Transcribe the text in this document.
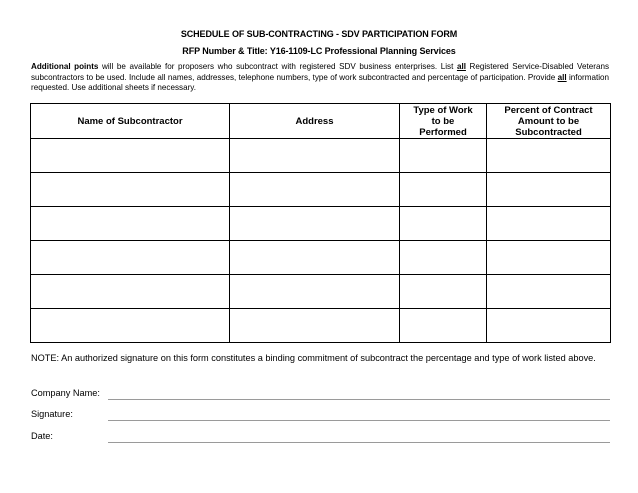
SCHEDULE OF SUB-CONTRACTING - SDV PARTICIPATION FORM
RFP Number & Title: Y16-1109-LC Professional Planning Services
Additional points will be available for proposers who subcontract with registered SDV business enterprises. List all Registered Service-Disabled Veterans subcontractors to be used. Include all names, addresses, telephone numbers, type of work subcontracted and percentage of participation. Provide all information requested. Use additional sheets if necessary.
Name of Subcontractor	Address	Type of Work to be Performed	Percent of Contract Amount to be Subcontracted

NOTE: An authorized signature on this form constitutes a binding commitment of subcontract the percentage and type of work listed above.
Company Name:
Signature:
Date:
